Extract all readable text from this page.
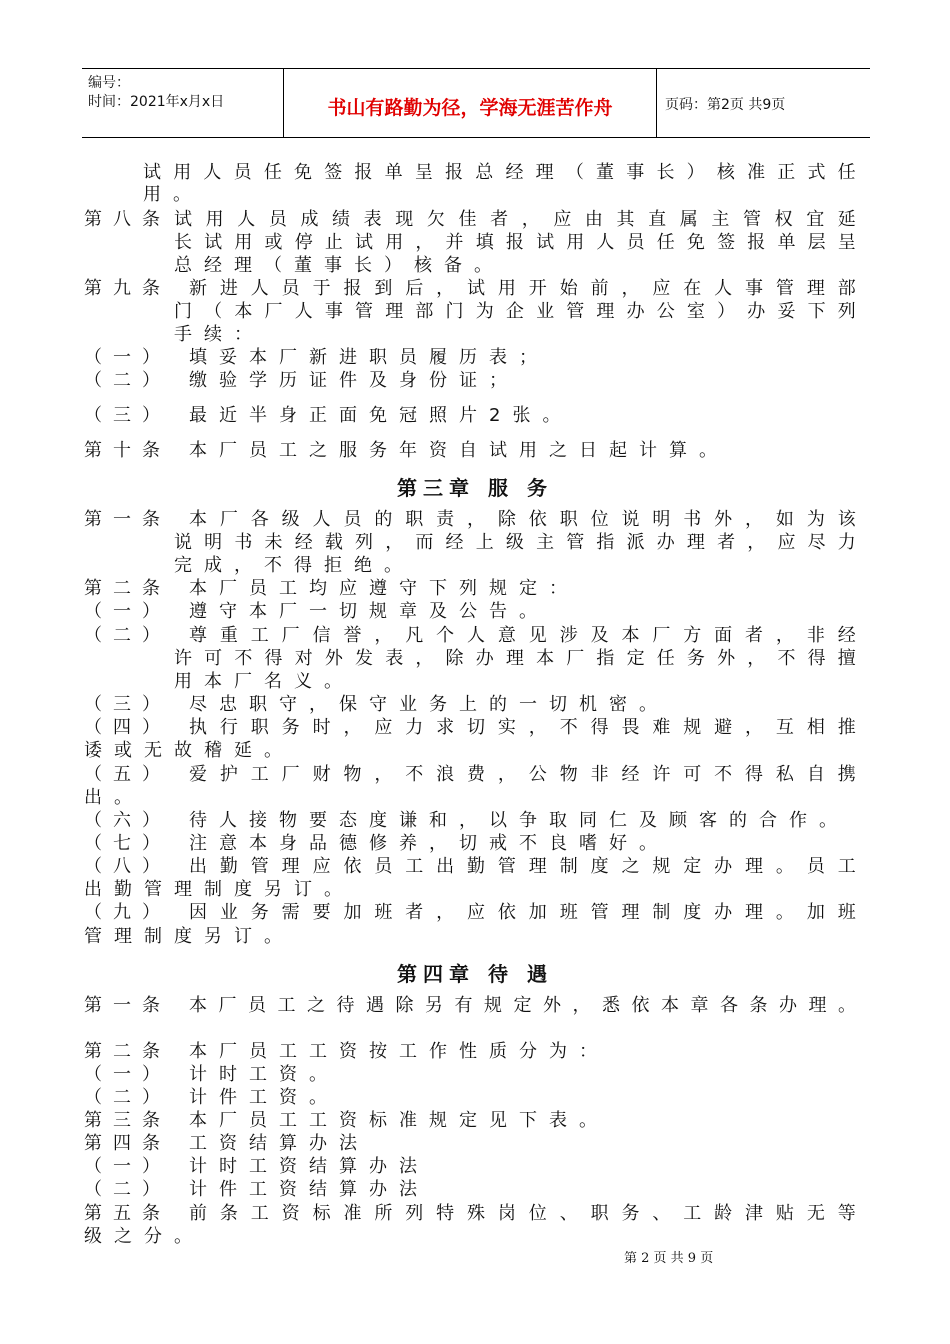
编号：
时间：2021年x月x日	书山有路勤为径，学海无涯苦作舟	页码：第2页 共9页
试 用 人 员 任 免 签 报 单 呈 报 总 经 理 （ 董 事 长 ） 核 准 正 式 任
用。
第八条 试 用 人 员 成 绩 表 现 欠 佳 者 ， 应 由 其 直 属 主 管 权 宜 延
长 试 用 或 停 止 试 用 ， 并 填 报 试 用 人 员 任 免 签 报 单 层 呈
总经理（董事长）核备。
第九条 新 进 人 员 于 报 到 后 ， 试 用 开 始 前 ， 应 在 人 事 管 理 部
门 （ 本 厂 人 事 管 理 部 门 为 企 业 管 理 办 公 室 ） 办 妥 下 列
手续：
（一） 填妥本厂新进职员履历表；
（二） 缴验学历证件及身份证；
（三） 最近半身正面免冠照片2张。
第十条 本厂员工之服务年资自试用之日起计算。
第一条 本 厂 各 级 人 员 的 职 责 ， 除 依 职 位 说 明 书 外 ， 如 为 该
说 明 书 未 经 载 列 ， 而 经 上 级 主 管 指 派 办 理 者 ， 应 尽 力
完成，不得拒绝。
第二条 本厂员工均应遵守下列规定：
（一） 遵守本厂一切规章及公告。
（二） 尊 重 工 厂 信 誉 ， 凡 个 人 意 见 涉 及 本 厂 方 面 者 ， 非 经
许 可 不 得 对 外 发 表 ， 除 办 理 本 厂 指 定 任 务 外 ， 不 得 擅
用本厂名义。
（三） 尽忠职守，保守业务上的一切机密。
（四） 执 行 职 务 时 ， 应 力 求 切 实 ， 不 得 畏 难 规 避 ， 互 相 推
诿或无故稽延。
（五） 爱 护 工 厂 财 物 ， 不 浪 费 ， 公 物 非 经 许 可 不 得 私 自 携
出。
（六） 待人接物要态度谦和，以争取同仁及顾客的合作。
（七） 注意本身品德修养，切戒不良嗜好。
（八） 出 勤 管 理 应 依 员 工 出 勤 管 理 制 度 之 规 定 办 理 。 员 工
出勤管理制度另订。
（九） 因 业 务 需 要 加 班 者 ， 应 依 加 班 管 理 制 度 办 理 。 加 班
管理制度另订。
第一条 本 厂 员 工 之 待 遇 除 另 有 规 定 外 ， 悉 依 本 章 各 条 办 理 。
第二条 本厂员工工资按工作性质分为：
（一） 计时工资。
（二） 计件工资。
第三条 本厂员工工资标准规定见下表。
第四条 工资结算办法
（一） 计时工资结算办法
（二） 计件工资结算办法
第五条 前 条 工 资 标 准 所 列 特 殊 岗 位 、 职 务 、 工 龄 津 贴 无 等
级之分。
第三章 服 务
第四章 待 遇
第 2 页 共 9 页
